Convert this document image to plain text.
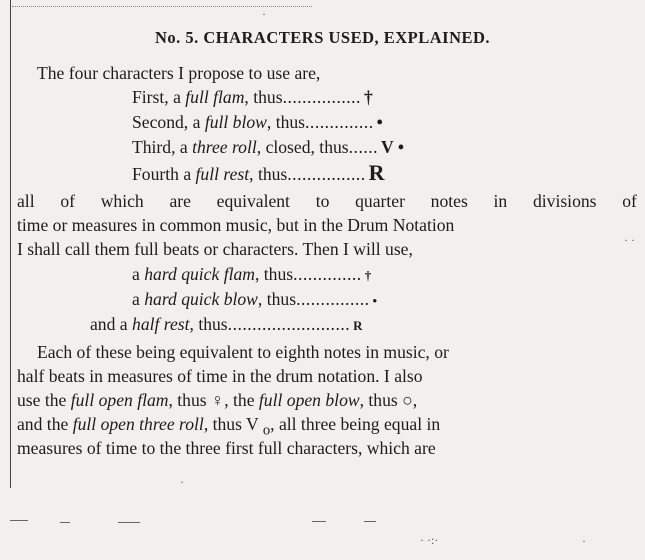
No. 5. CHARACTERS USED, EXPLAINED.
The four characters I propose to use are,
First, a full flam, thus................ †
Second, a full blow, thus.............. •
Third, a three roll, closed, thus...... V •
Fourth a full rest, thus................ R
all of which are equivalent to quarter notes in divisions of
time or measures in common music, but in the Drum Notation
I shall call them full beats or characters. Then I will use,
a hard quick flam, thus.............. †
a hard quick blow, thus............... •
and a half rest, thus......................... R
Each of these being equivalent to eighth notes in music, or
half beats in measures of time in the drum notation. I also
use the full open flam, thus ♀, the full open blow, thus ○,
and the full open three roll, thus V $_o$, all three being equal in
measures of time to the three first full characters, which are
·
· ·
· ·:·	·
·
